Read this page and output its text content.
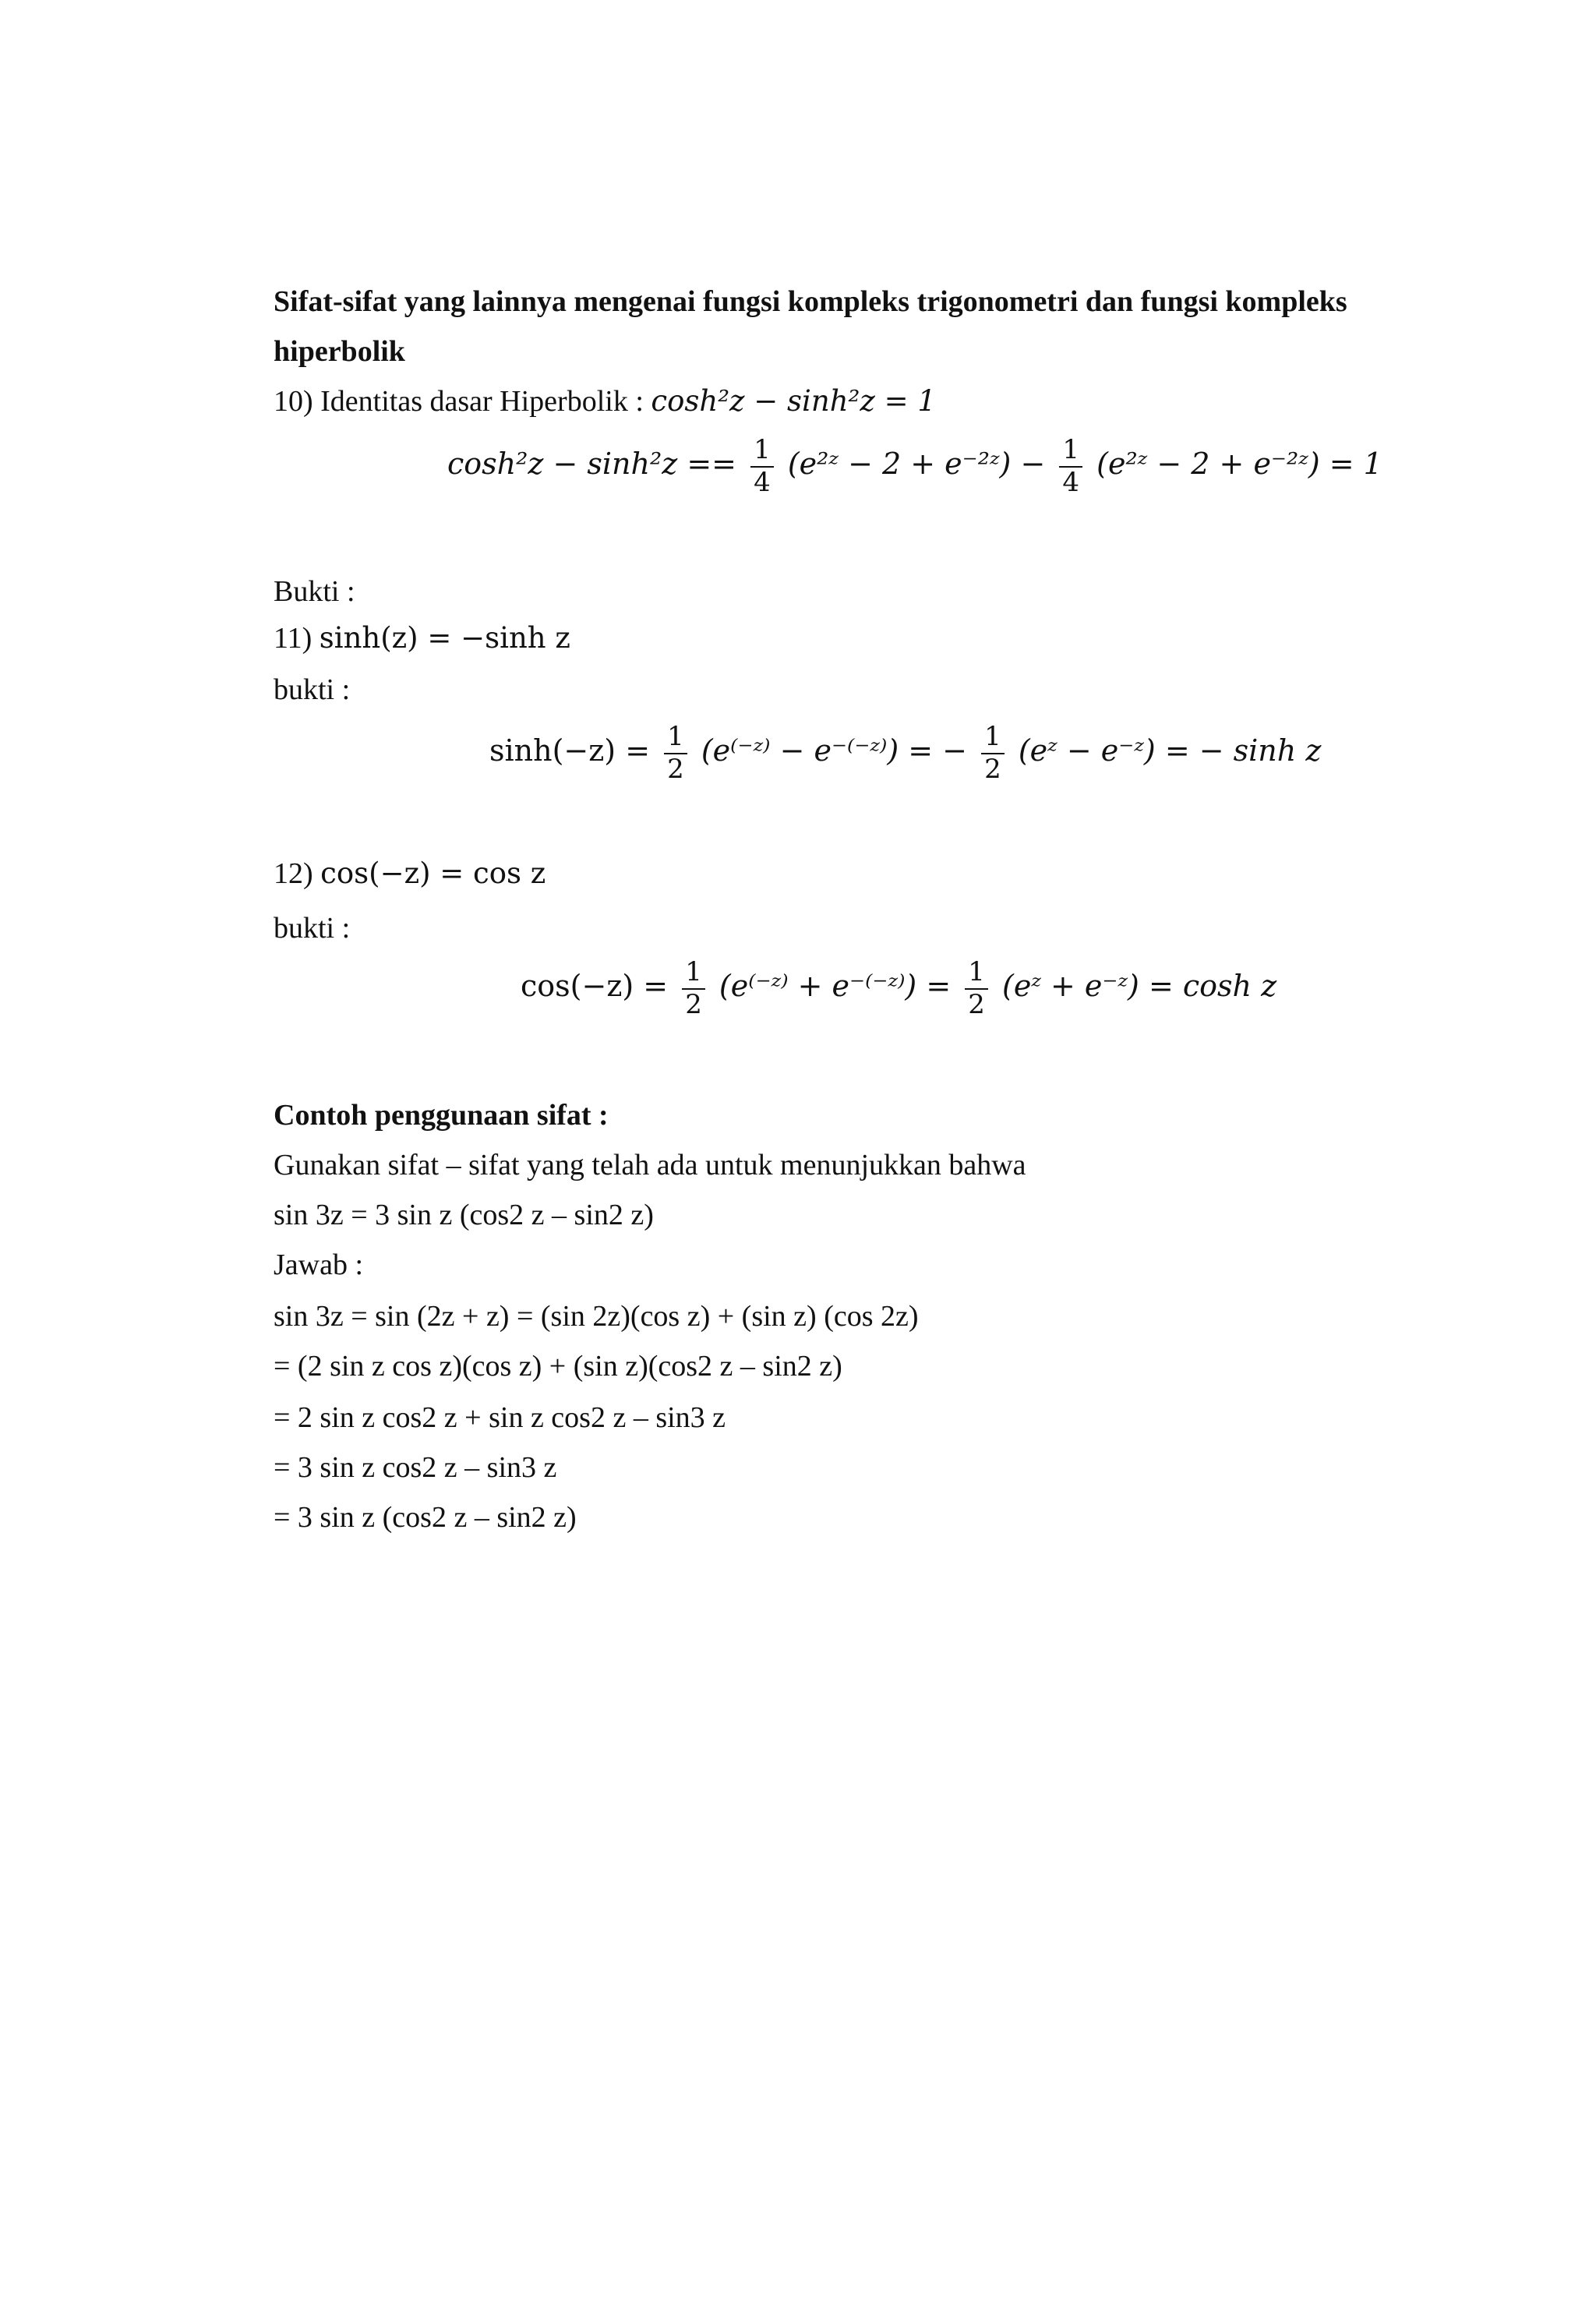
Sifat-sifat yang lainnya mengenai fungsi kompleks trigonometri dan fungsi kompleks
hiperbolik
10) Identitas dasar Hiperbolik : cosh²z − sinh²z = 1
$\cosh^2z - \sinh^2z == \frac{1}{4}$ (e²ᶻ − 2 + e⁻²ᶻ) − $\frac{1}{4}$ (e²ᶻ − 2 + e⁻²ᶻ) = 1
Bukti :
11) sinh(z) = −sinh z
bukti :
$\sinh(-z) = \frac{1}{2}$ (e⁽⁻ᶻ⁾ − e⁻⁽⁻ᶻ⁾) = − $\frac{1}{2}$ (eᶻ − e⁻ᶻ) = − sinh z
12) cos(−z) = cos z
bukti :
$\cos(-z) = \frac{1}{2}$ (e⁽⁻ᶻ⁾ + e⁻⁽⁻ᶻ⁾) = $\frac{1}{2}$ (eᶻ + e⁻ᶻ) = cosh z
Contoh penggunaan sifat :
Gunakan sifat – sifat yang telah ada untuk menunjukkan bahwa
sin 3z = 3 sin z (cos2 z – sin2 z)
Jawab :
sin 3z = sin (2z + z) = (sin 2z)(cos z) + (sin z) (cos 2z)
= (2 sin z cos z)(cos z) + (sin z)(cos2 z – sin2 z)
= 2 sin z cos2 z + sin z cos2 z – sin3 z
= 3 sin z cos2 z – sin3 z
= 3 sin z (cos2 z – sin2 z)
